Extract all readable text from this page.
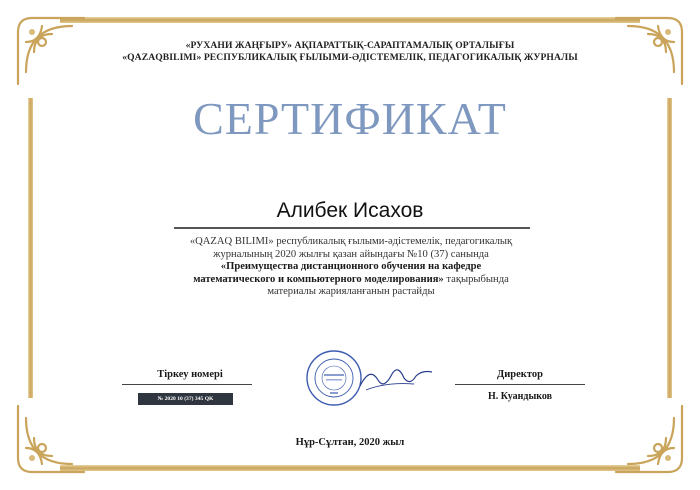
«РУХАНИ ЖАҢҒЫРУ» АҚПАРАТТЫҚ-САРАПТАМАЛЫҚ ОРТАЛЫҒЫ
«QAZAQBILIMI» РЕСПУБЛИКАЛЫҚ ҒЫЛЫМИ-ӘДІСТЕМЕЛІК, ПЕДАГОГИКАЛЫҚ ЖУРНАЛЫ
СЕРТИФИКАТ
Алибек Исахов
«QAZAQ BILIMI» республикалық ғылыми-әдістемелік, педагогикалық
журналының 2020 жылғы қазан айындағы №10 (37) санында
«Преимущества дистанционного обучения на кафедре
математического и компьютерного моделирования» тақырыбында
материалы жарияланғанын растайды
Тіркеу номері
№ 2020 10 (37) 345 QK
Директор
Н. Куандыков
Нұр-Сұлтан, 2020 жыл
